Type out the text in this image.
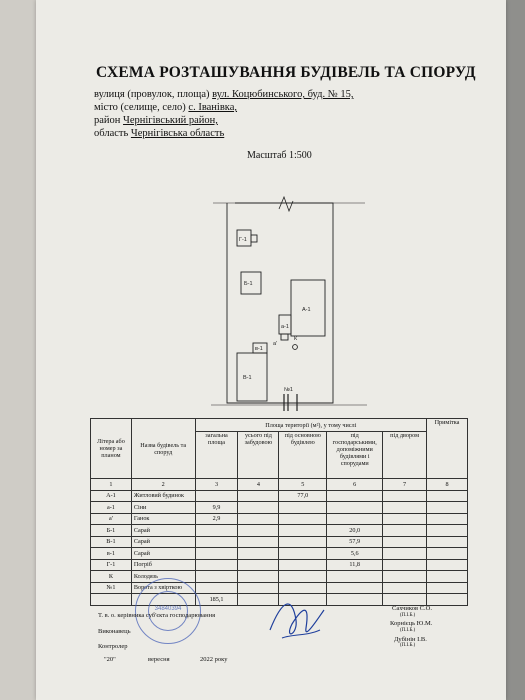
СХЕМА РОЗТАШУВАННЯ БУДІВЕЛЬ ТА СПОРУД
вулиця (провулок, площа) вул. Коцюбинського, буд. № 15,
місто (селище, село) с. Іванівка,
район Чернігівський район,
область Чернігівська область
Масштаб 1:500
Г-1
Б-1
А-1
а-1
а'
К
в-1
В-1
№1
Літера або номер за планом	Назва будівель та споруд	Площа території (м²), у тому числі					Примітка
		загальна площа	усього під забудовою	під основною будівлею	під господарськими, допоміжними будівлями і спорудами	під двором	
1	2	3	4	5	6	7	8
А-1	Житловий будинок			77,0			
а-1	Сіни	9,9					
а'	Ганок	2,9					
Б-1	Сарай				20,0		
В-1	Сарай				57,9		
в-1	Сарай				5,6		
Г-1	Погріб				11,8		
К	Колодязь						
№1	Ворота з хвірткою						
		185,1					
34840394
Т. в. о. керівника суб'єкта господарювання
Виконавець
Контролер
"20"	вересня	2022 року
Сахчиков С.О.
(П.І.Б.)
Корнієць Ю.М.
(П.І.Б.)
Дубінін І.В.
(П.І.Б.)
